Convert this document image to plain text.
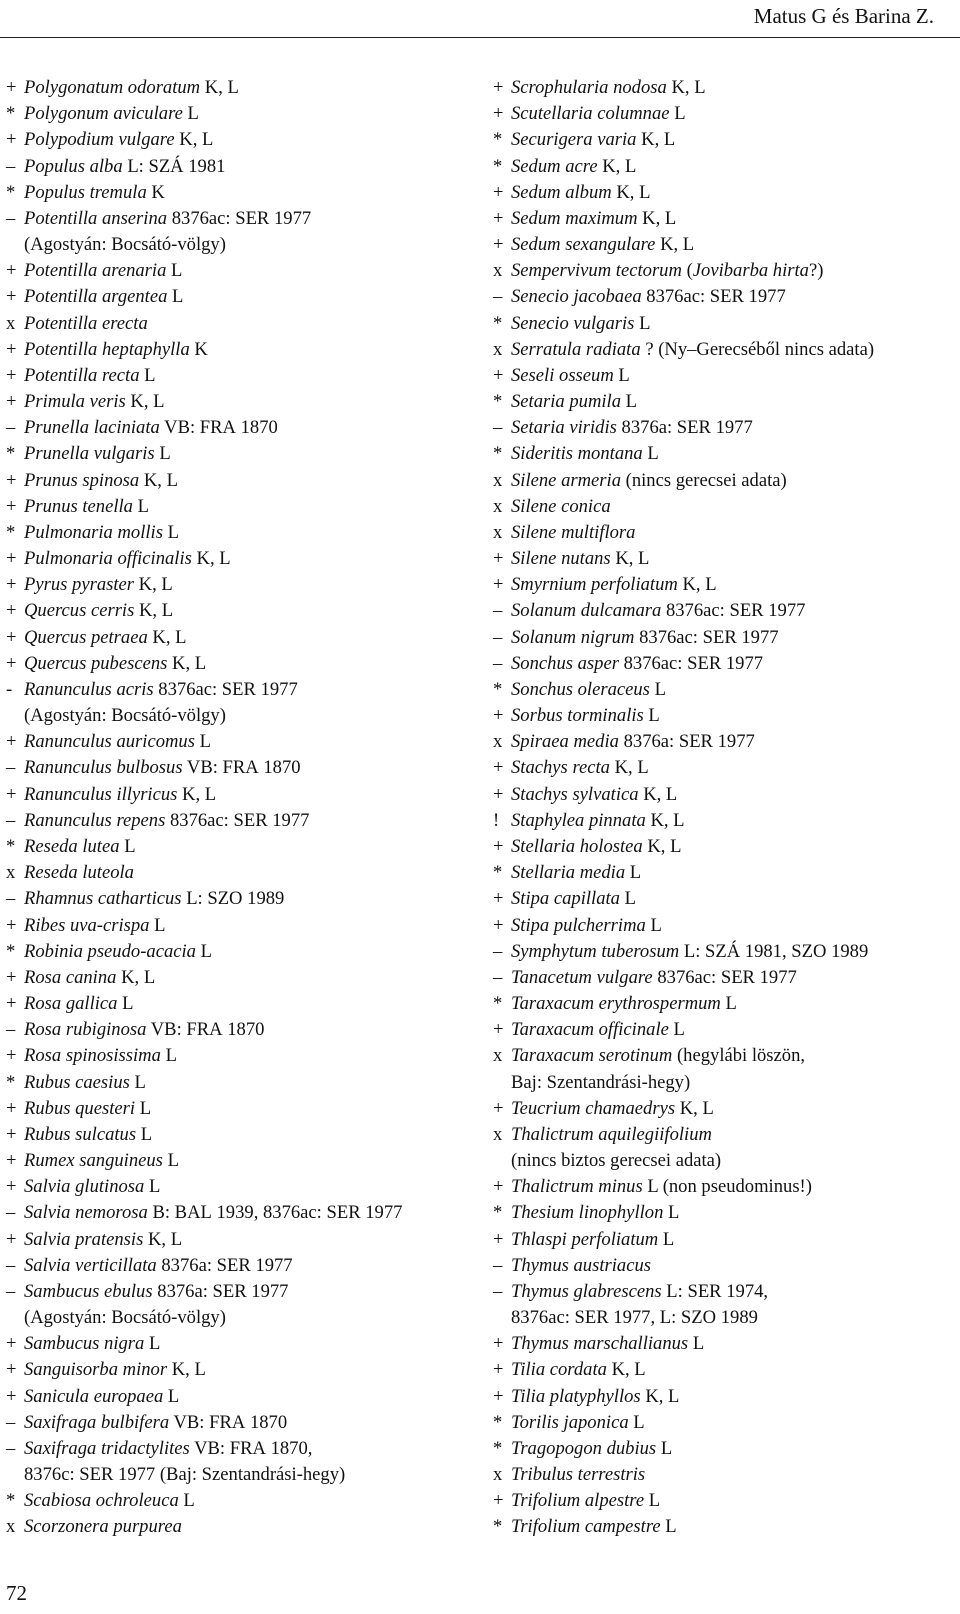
Matus G és Barina Z.
+ Polygonatum odoratum K, L
* Polygonum aviculare L
+ Polypodium vulgare K, L
– Populus alba L: SZÁ 1981
* Populus tremula K
– Potentilla anserina 8376ac: SER 1977
(Agostyán: Bocsátó-völgy)
+ Potentilla arenaria L
+ Potentilla argentea L
x Potentilla erecta
+ Potentilla heptaphylla K
+ Potentilla recta L
+ Primula veris K, L
– Prunella laciniata VB: FRA 1870
* Prunella vulgaris L
+ Prunus spinosa K, L
+ Prunus tenella L
* Pulmonaria mollis L
+ Pulmonaria officinalis K, L
+ Pyrus pyraster K, L
+ Quercus cerris K, L
+ Quercus petraea K, L
+ Quercus pubescens K, L
- Ranunculus acris 8376ac: SER 1977
(Agostyán: Bocsátó-völgy)
+ Ranunculus auricomus L
– Ranunculus bulbosus VB: FRA 1870
+ Ranunculus illyricus K, L
– Ranunculus repens 8376ac: SER 1977
* Reseda lutea L
x Reseda luteola
– Rhamnus catharticus L: SZO 1989
+ Ribes uva-crispa L
* Robinia pseudo-acacia L
+ Rosa canina K, L
+ Rosa gallica L
– Rosa rubiginosa VB: FRA 1870
+ Rosa spinosissima L
* Rubus caesius L
+ Rubus questeri L
+ Rubus sulcatus L
+ Rumex sanguineus L
+ Salvia glutinosa L
– Salvia nemorosa B: BAL 1939, 8376ac: SER 1977
+ Salvia pratensis K, L
– Salvia verticillata 8376a: SER 1977
– Sambucus ebulus 8376a: SER 1977
(Agostyán: Bocsátó-völgy)
+ Sambucus nigra L
+ Sanguisorba minor K, L
+ Sanicula europaea L
– Saxifraga bulbifera VB: FRA 1870
– Saxifraga tridactylites VB: FRA 1870,
8376c: SER 1977 (Baj: Szentandrási-hegy)
* Scabiosa ochroleuca L
x Scorzonera purpurea
+ Scrophularia nodosa K, L
+ Scutellaria columnae L
* Securigera varia K, L
* Sedum acre K, L
+ Sedum album K, L
+ Sedum maximum K, L
+ Sedum sexangulare K, L
x Sempervivum tectorum (Jovibarba hirta?)
– Senecio jacobaea 8376ac: SER 1977
* Senecio vulgaris L
x Serratula radiata ? (Ny–Gerecséből nincs adata)
+ Seseli osseum L
* Setaria pumila L
– Setaria viridis 8376a: SER 1977
* Sideritis montana L
x Silene armeria (nincs gerecsei adata)
x Silene conica
x Silene multiflora
+ Silene nutans K, L
+ Smyrnium perfoliatum K, L
– Solanum dulcamara 8376ac: SER 1977
– Solanum nigrum 8376ac: SER 1977
– Sonchus asper 8376ac: SER 1977
* Sonchus oleraceus L
+ Sorbus torminalis L
x Spiraea media 8376a: SER 1977
+ Stachys recta K, L
+ Stachys sylvatica K, L
! Staphylea pinnata K, L
+ Stellaria holostea K, L
* Stellaria media L
+ Stipa capillata L
+ Stipa pulcherrima L
– Symphytum tuberosum L: SZÁ 1981, SZO 1989
– Tanacetum vulgare 8376ac: SER 1977
* Taraxacum erythrospermum L
+ Taraxacum officinale L
x Taraxacum serotinum (hegylábi löszön,
Baj: Szentandrási-hegy)
+ Teucrium chamaedrys K, L
x Thalictrum aquilegiifolium
(nincs biztos gerecsei adata)
+ Thalictrum minus L (non pseudominus!)
* Thesium linophyllon L
+ Thlaspi perfoliatum L
– Thymus austriacus
– Thymus glabrescens L: SER 1974,
8376ac: SER 1977, L: SZO 1989
+ Thymus marschallianus L
+ Tilia cordata K, L
+ Tilia platyphyllos K, L
* Torilis japonica L
* Tragopogon dubius L
x Tribulus terrestris
+ Trifolium alpestre L
* Trifolium campestre L
72
